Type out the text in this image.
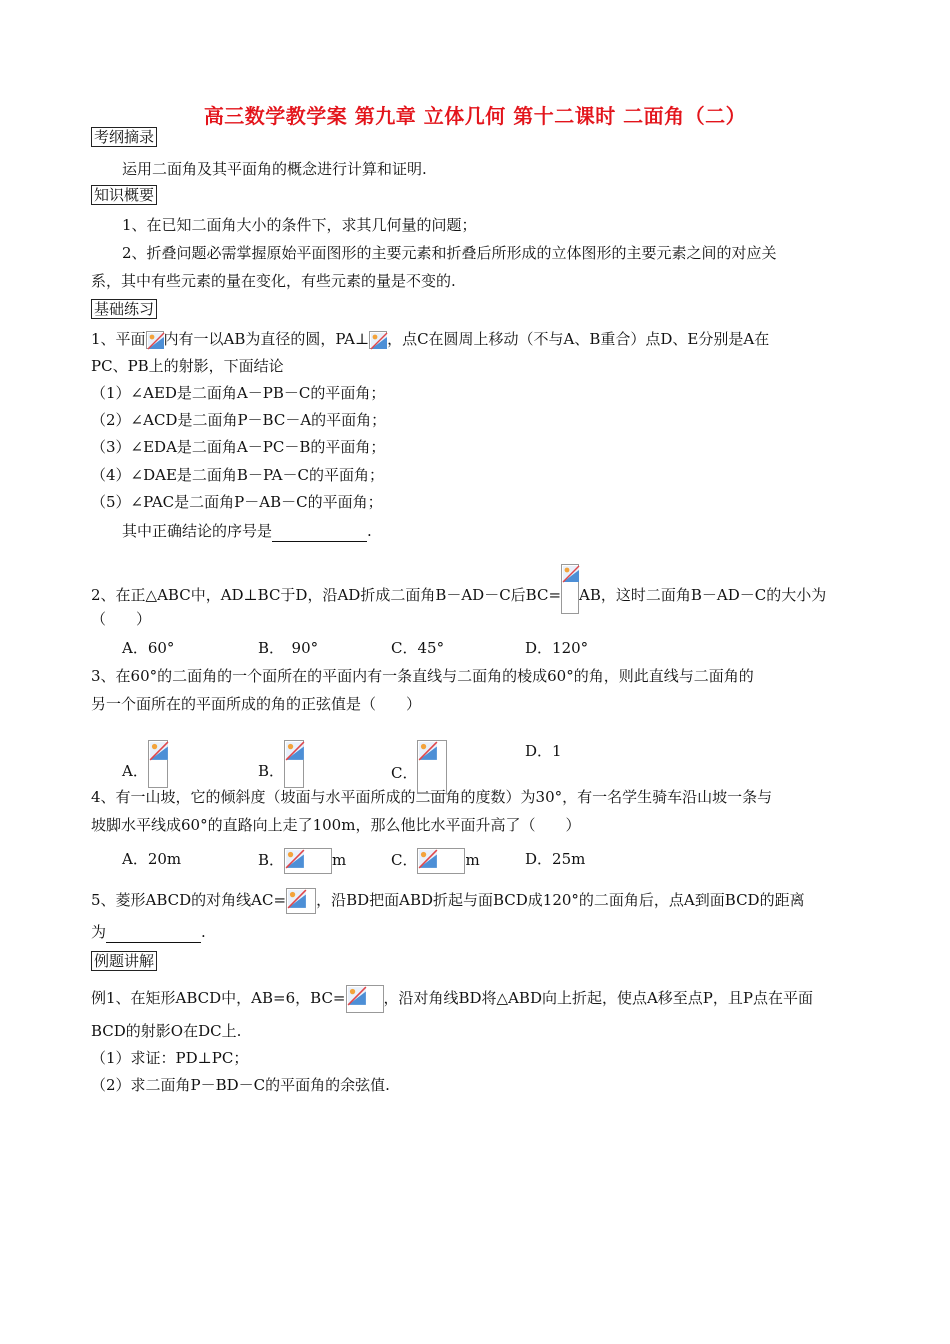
高三数学教学案 第九章 立体几何 第十二课时 二面角（二）
考纲摘录
运用二面角及其平面角的概念进行计算和证明.
知识概要
1、在已知二面角大小的条件下，求其几何量的问题；
2、折叠问题必需掌握原始平面图形的主要元素和折叠后所形成的立体图形的主要元素之间的对应关
系，其中有些元素的量在变化，有些元素的量是不变的.
基础练习
1、平面 内有一以AB为直径的圆，PA⊥ ，点C在圆周上移动（不与A、B重合）点D、E分别是A在
PC、PB上的射影，下面结论
（1）∠AED是二面角A－PB－C的平面角；
（2）∠ACD是二面角P－BC－A的平面角；
（3）∠EDA是二面角A－PC－B的平面角；
（4）∠DAE是二面角B－PA－C的平面角；
（5）∠PAC是二面角P－AB－C的平面角；
其中正确结论的序号是	.
2、在正△ABC中，AD⊥BC于D，沿AD折成二面角B－AD－C后BC= AB，这时二面角B－AD－C的大小为
（　　）
A．60°	B．　90°	C．45°	D．120°
3、在60°的二面角的一个面所在的平面内有一条直线与二面角的棱成60°的角，则此直线与二面角的
另一个面所在的平面所成的角的正弦值是（　　）
A．	B．	C．
D．1
4、有一山坡，它的倾斜度（坡面与水平面所成的二面角的度数）为30°，有一名学生骑车沿山坡一条与
坡脚水平线成60°的直路向上走了100m，那么他比水平面升高了（　　）
A．20m	B．	m	C．	m	D．25m
5、菱形ABCD的对角线AC= ，沿BD把面ABD折起与面BCD成120°的二面角后，点A到面BCD的距离
为	.
例题讲解
例1、在矩形ABCD中，AB=6，BC=	，沿对角线BD将△ABD向上折起，使点A移至点P，且P点在平面
BCD的射影O在DC上.
（1）求证：PD⊥PC；
（2）求二面角P－BD－C的平面角的余弦值.
